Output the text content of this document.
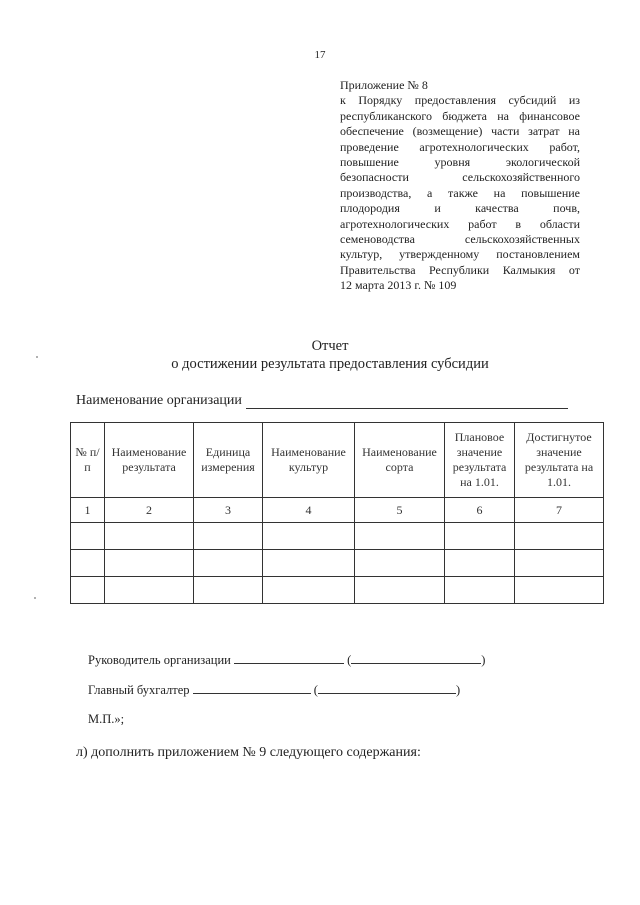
17
Приложение № 8
к Порядку предоставления субсидий из
республиканского бюджета на финансовое
обеспечение (возмещение) части затрат на
проведение агротехнологических работ,
повышение уровня экологической
безопасности сельскохозяйственного
производства, а также на повышение
плодородия и качества почв,
агротехнологических работ в области
семеноводства сельскохозяйственных
культур, утвержденному постановлением
Правительства Республики Калмыкия от
12 марта 2013 г. № 109
Отчет
о достижении результата предоставления субсидии
Наименование организации
№ п/п	Наименование результата	Единица измерения	Наименование культур	Наименование сорта	Плановое значение результата на 1.01.	Достигнутое значение результата на 1.01.
1	2	3	4	5	6	7

Руководитель организации	(	)
Главный бухгалтер	(	)
М.П.»;
л) дополнить приложением № 9 следующего содержания:
